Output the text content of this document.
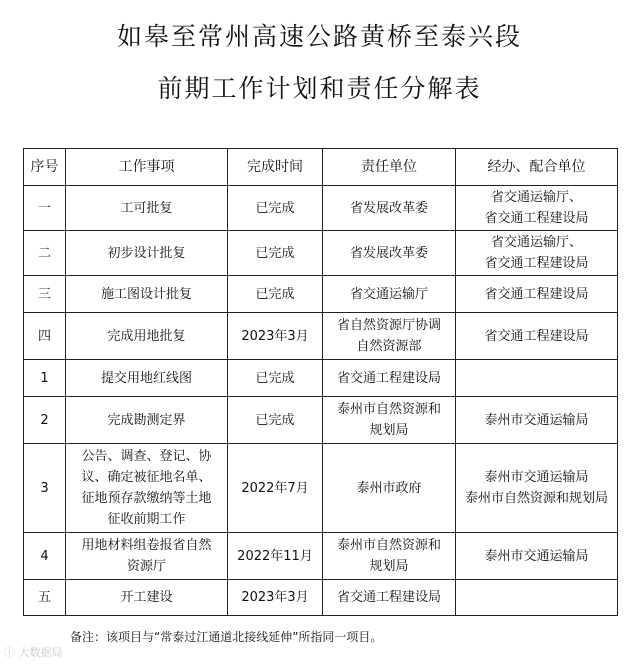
如皋至常州高速公路黄桥至泰兴段
前期工作计划和责任分解表
序号	工作事项	完成时间	责任单位	经办、配合单位
一	工可批复	已完成	省发展改革委	省交通运输厅、
省交通工程建设局

二	初步设计批复	已完成	省发展改革委	省交通运输厅、
省交通工程建设局

三	施工图设计批复	已完成	省交通运输厅	省交通工程建设局

四	完成用地批复	2023年3月	省自然资源厅协调
自然资源部	省交通工程建设局

1	提交用地红线图	已完成	省交通工程建设局	

2	完成勘测定界	已完成	泰州市自然资源和
规划局	泰州市交通运输局

3	公告、调查、登记、协
议、确定被征地名单、
征地预存款缴纳等土地
征收前期工作	2022年7月	泰州市政府	泰州市交通运输局
泰州市自然资源和规划局

4	用地材料组卷报省自然
资源厅	2022年11月	泰州市自然资源和
规划局	泰州市交通运输局

五	开工建设	2023年3月	省交通工程建设局	

备注：该项目与“常泰过江通道北接线延伸”所指同一项目。
ⓘ 大数据局
